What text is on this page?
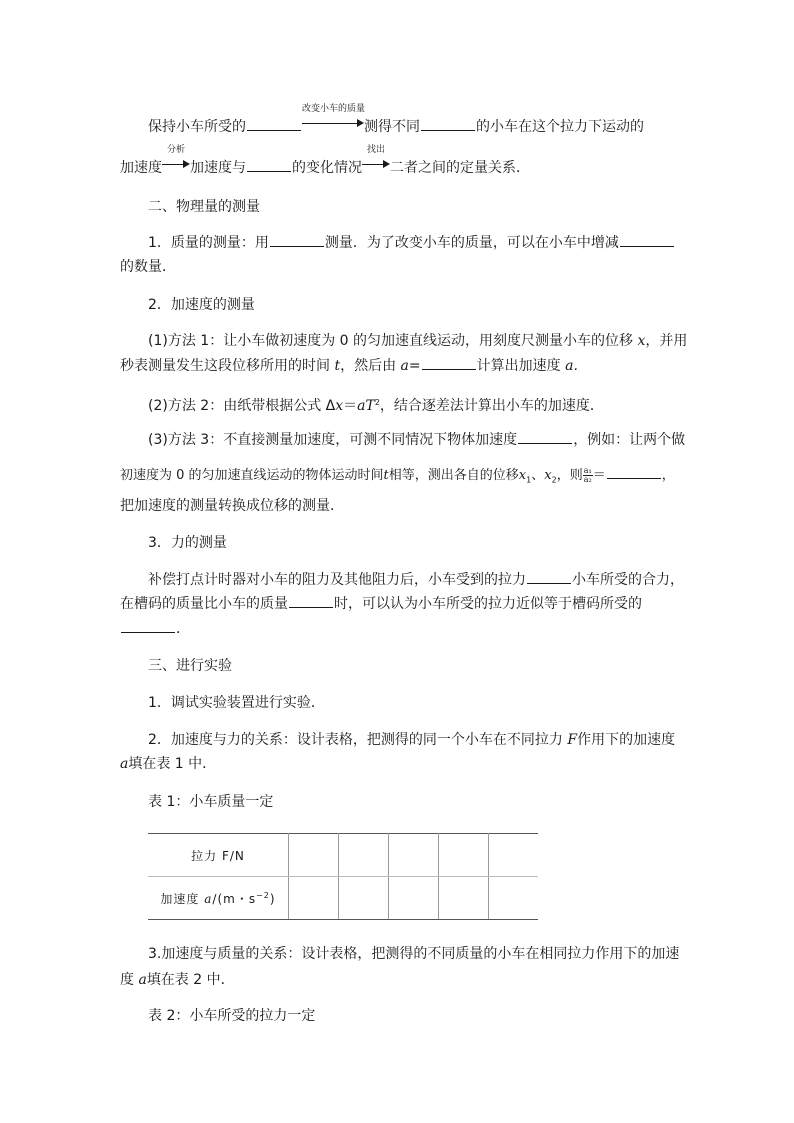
保持小车所受的
改变小车的质量
测得不同	的小车在这个拉力下运动的
加速度
分析
加速度与	的变化情况
找出
二者之间的定量关系．
二、物理量的测量
1．质量的测量：用	测量．为了改变小车的质量，可以在小车中增减
的数量．
2．加速度的测量
(1)方法 1：让小车做初速度为 0 的匀加速直线运动，用刻度尺测量小车的位移 x，并用
秒表测量发生这段位移所用的时间 t，然后由 a=	计算出加速度 a.
(2)方法 2：由纸带根据公式 $\Delta x=aT^2$，结合逐差法计算出小车的加速度．
(3)方法 3：不直接测量加速度，可测不同情况下物体加速度	，例如：让两个做
初速度为 0 的匀加速直线运动的物体运动时间t相等，测出各自的位移$x_1$、$x_2$，则 $\frac{\text{a₁}}{\text{a₂}}$ ＝	，
把加速度的测量转换成位移的测量．
3．力的测量
补偿打点计时器对小车的阻力及其他阻力后，小车受到的拉力	小车所受的合力，
在槽码的质量比小车的质量	时，可以认为小车所受的拉力近似等于槽码所受的
．
三、进行实验
1．调试实验装置进行实验．
2．加速度与力的关系：设计表格，把测得的同一个小车在不同拉力 F作用下的加速度
a填在表 1 中．
表 1：小车质量一定
拉力 F/N					
加速度 a/(m・$s^{-2}$)					
3.加速度与质量的关系：设计表格，把测得的不同质量的小车在相同拉力作用下的加速
度 a填在表 2 中．
表 2：小车所受的拉力一定
